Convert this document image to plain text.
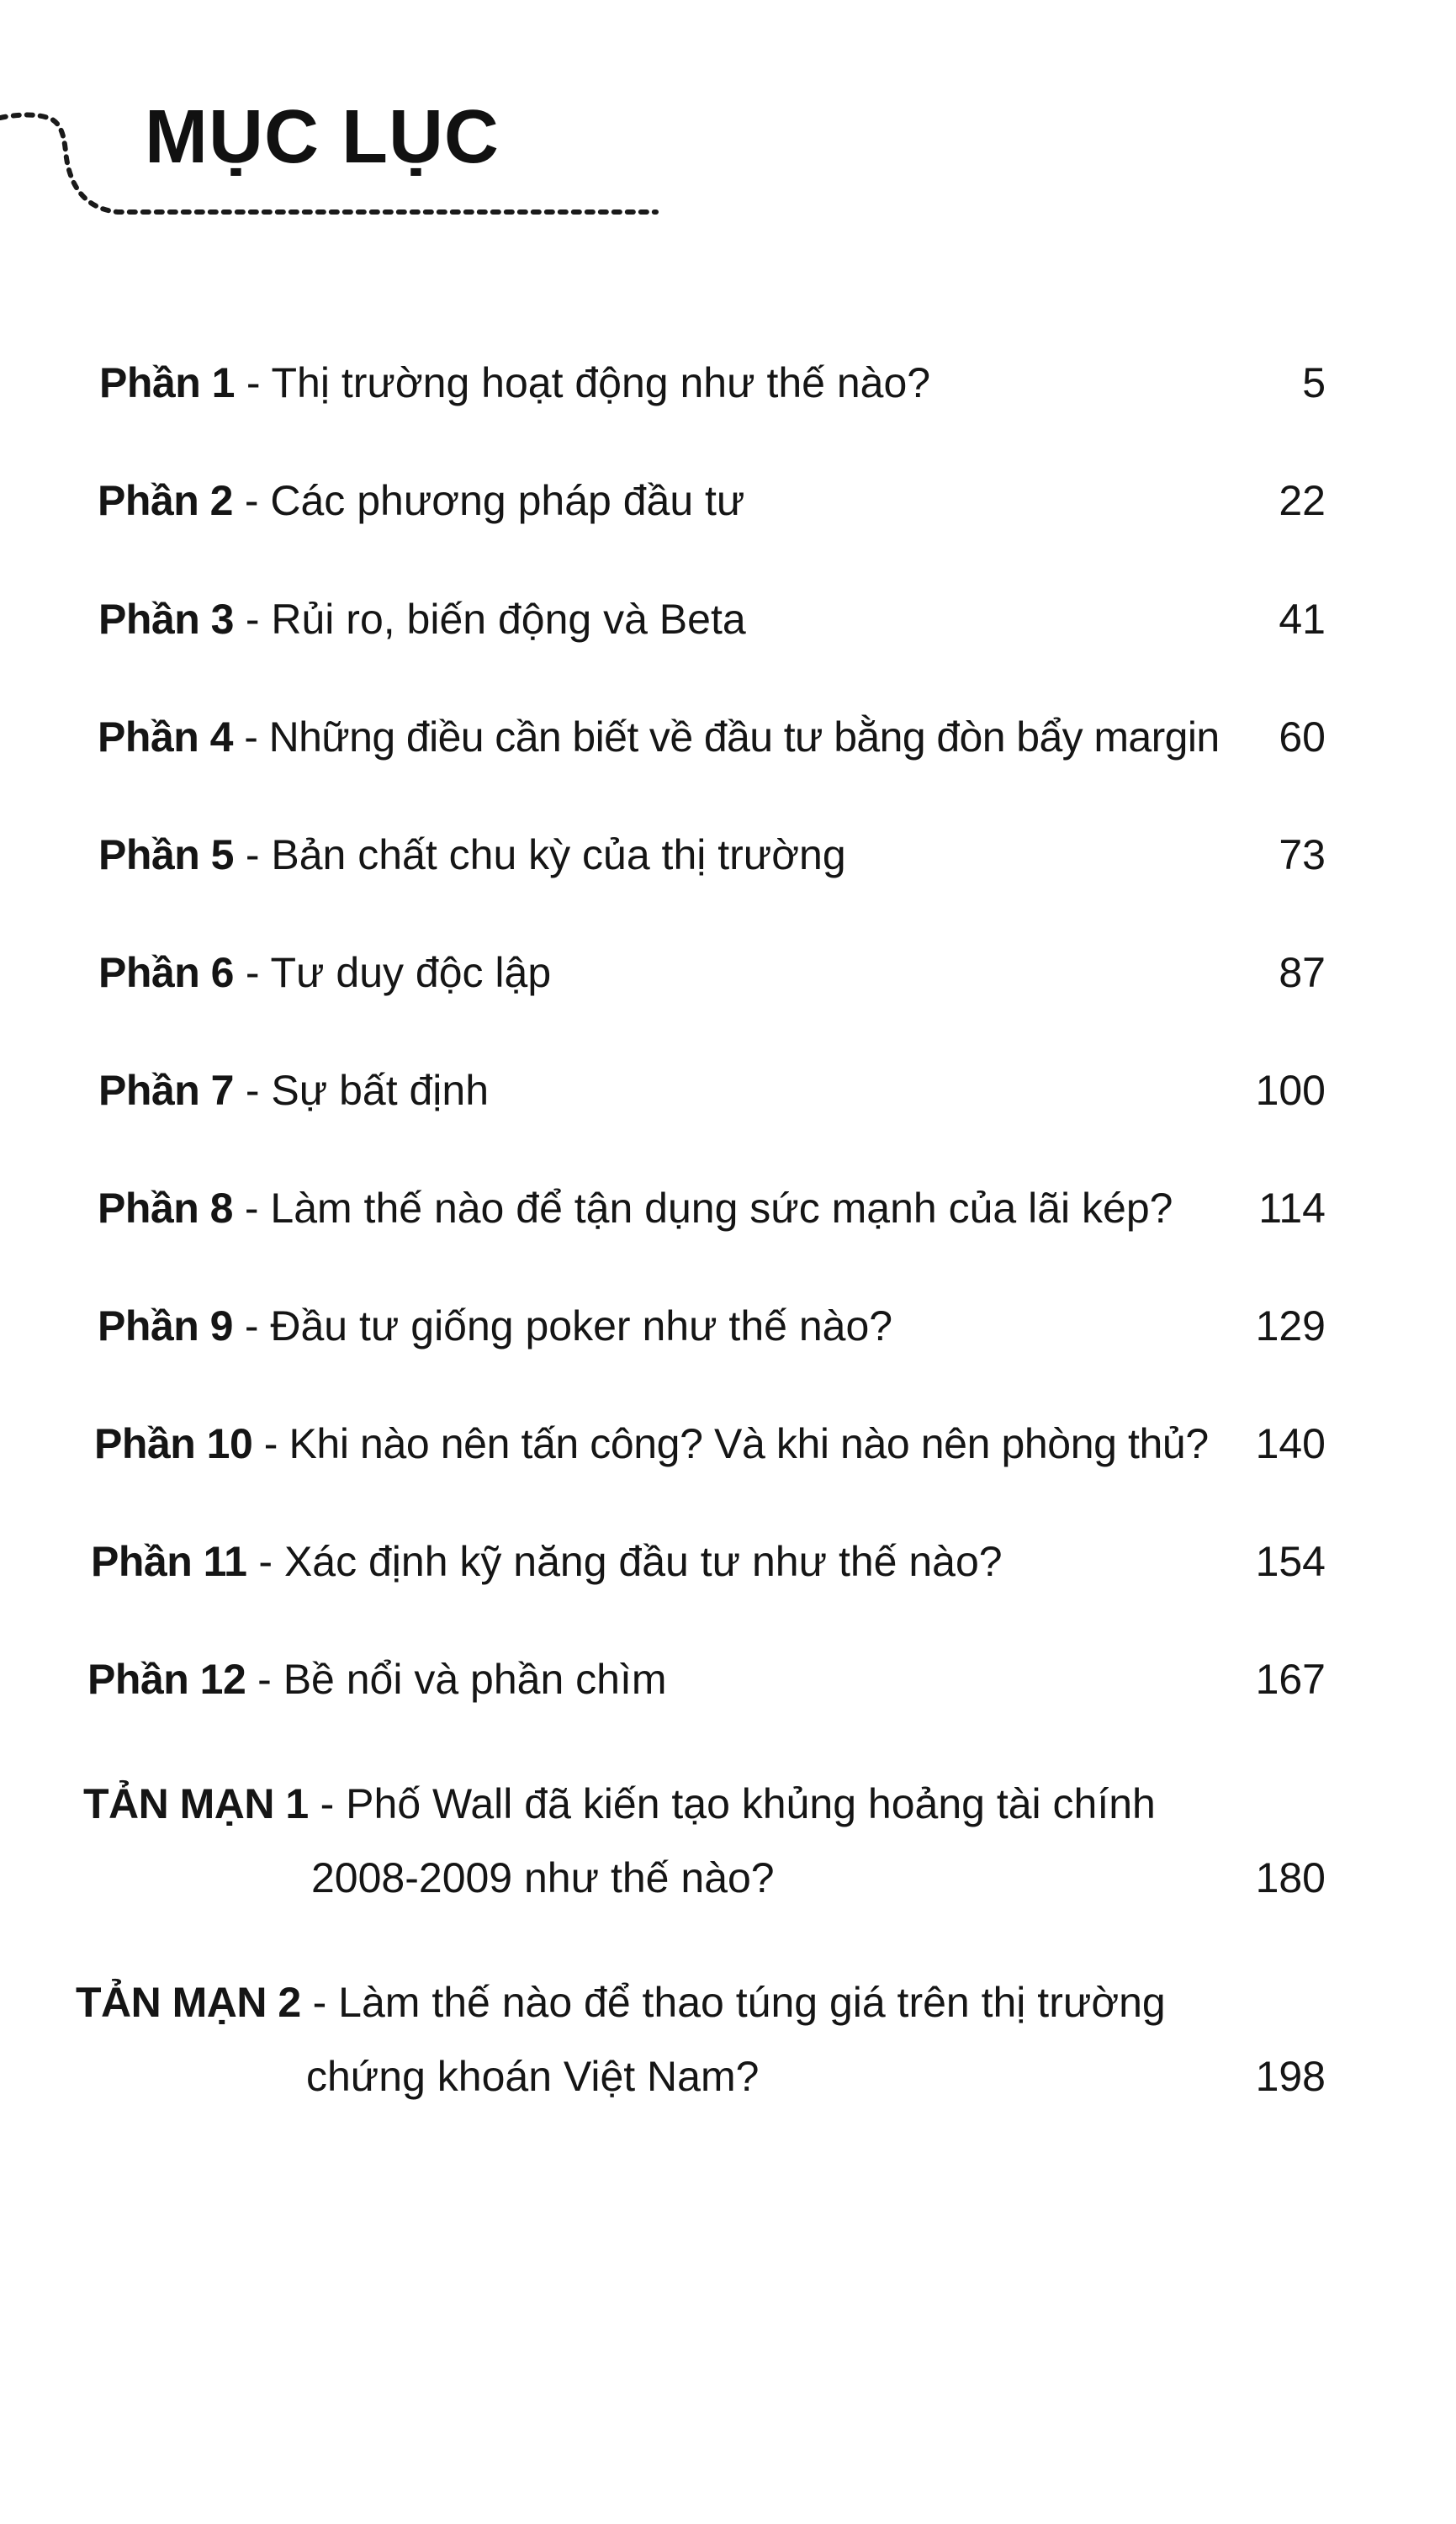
MỤC LỤC
Phần 1 - Thị trường hoạt động như thế nào?	5
Phần 2 - Các phương pháp đầu tư	22
Phần 3 - Rủi ro, biến động và Beta	41
Phần 4 - Những điều cần biết về đầu tư bằng đòn bẩy margin 60
Phần 5 - Bản chất chu kỳ của thị trường	73
Phần 6 - Tư duy độc lập	87
Phần 7 - Sự bất định	100
Phần 8 - Làm thế nào để tận dụng sức mạnh của lãi kép? 114
Phần 9 - Đầu tư giống poker như thế nào?	129
Phần 10 - Khi nào nên tấn công? Và khi nào nên phòng thủ? 140
Phần 11 - Xác định kỹ năng đầu tư như thế nào?	154
Phần 12 - Bề nổi và phần chìm	167
TẢN MẠN 1 - Phố Wall đã kiến tạo khủng hoảng tài chính
2008-2009 như thế nào?	180
TẢN MẠN 2 - Làm thế nào để thao túng giá trên thị trường
chứng khoán Việt Nam?	198
